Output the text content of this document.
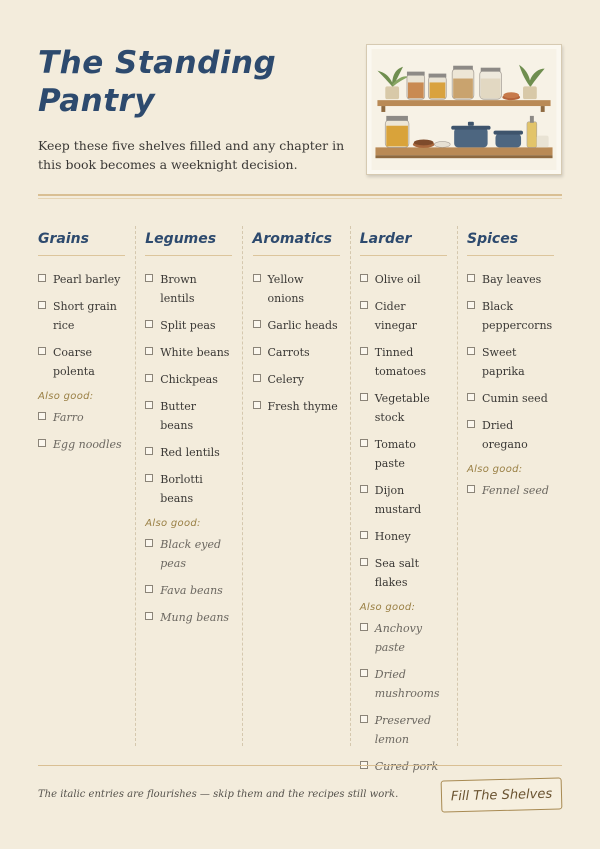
The Standing Pantry

Keep these five shelves filled and any chapter in this book becomes a weeknight decision.

Grains
Pearl barley
Short grain rice
Coarse polenta
Also good:
Farro
Egg noodles
Legumes
Brown lentils
Split peas
White beans
Chickpeas
Butter beans
Red lentils
Borlotti beans
Also good:
Black eyed peas
Fava beans
Mung beans
Aromatics
Yellow onions
Garlic heads
Carrots
Celery
Fresh thyme
Larder
Olive oil
Cider vinegar
Tinned tomatoes
Vegetable stock
Tomato paste
Dijon mustard
Honey
Sea salt flakes
Also good:
Anchovy paste
Dried mushrooms
Preserved lemon
Cured pork
Spices
Bay leaves
Black peppercorns
Sweet paprika
Cumin seed
Dried oregano
Also good:
Fennel seed

The italic entries are flourishes — skip them and the recipes still work.	Fill The Shelves
